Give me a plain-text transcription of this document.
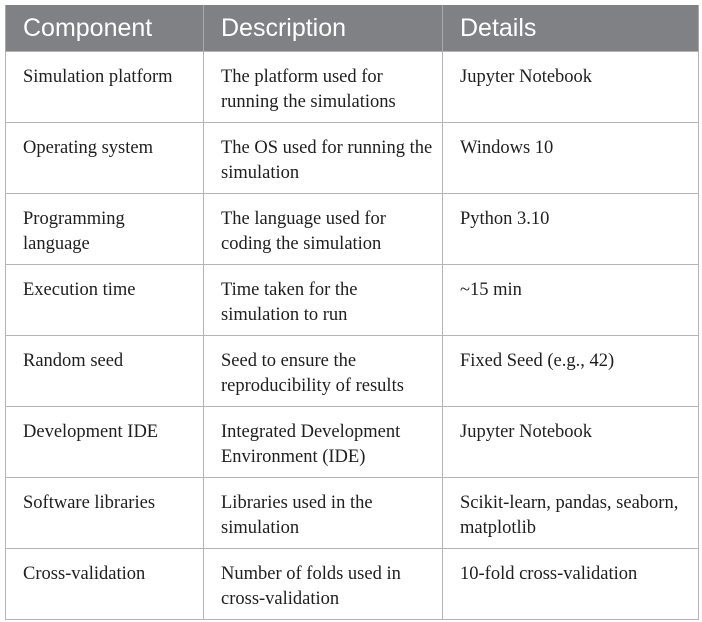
Component	Description	Details
Simulation platform	The platform used for running the simulations	Jupyter Notebook
Operating system	The OS used for running the simulation	Windows 10
Programming language	The language used for coding the simulation	Python 3.10
Execution time	Time taken for the simulation to run	~15 min
Random seed	Seed to ensure the reproducibility of results	Fixed Seed (e.g., 42)
Development IDE	Integrated Development Environment (IDE)	Jupyter Notebook
Software libraries	Libraries used in the simulation	Scikit-learn, pandas, seaborn, matplotlib
Cross-validation	Number of folds used in cross-validation	10-fold cross-validation
